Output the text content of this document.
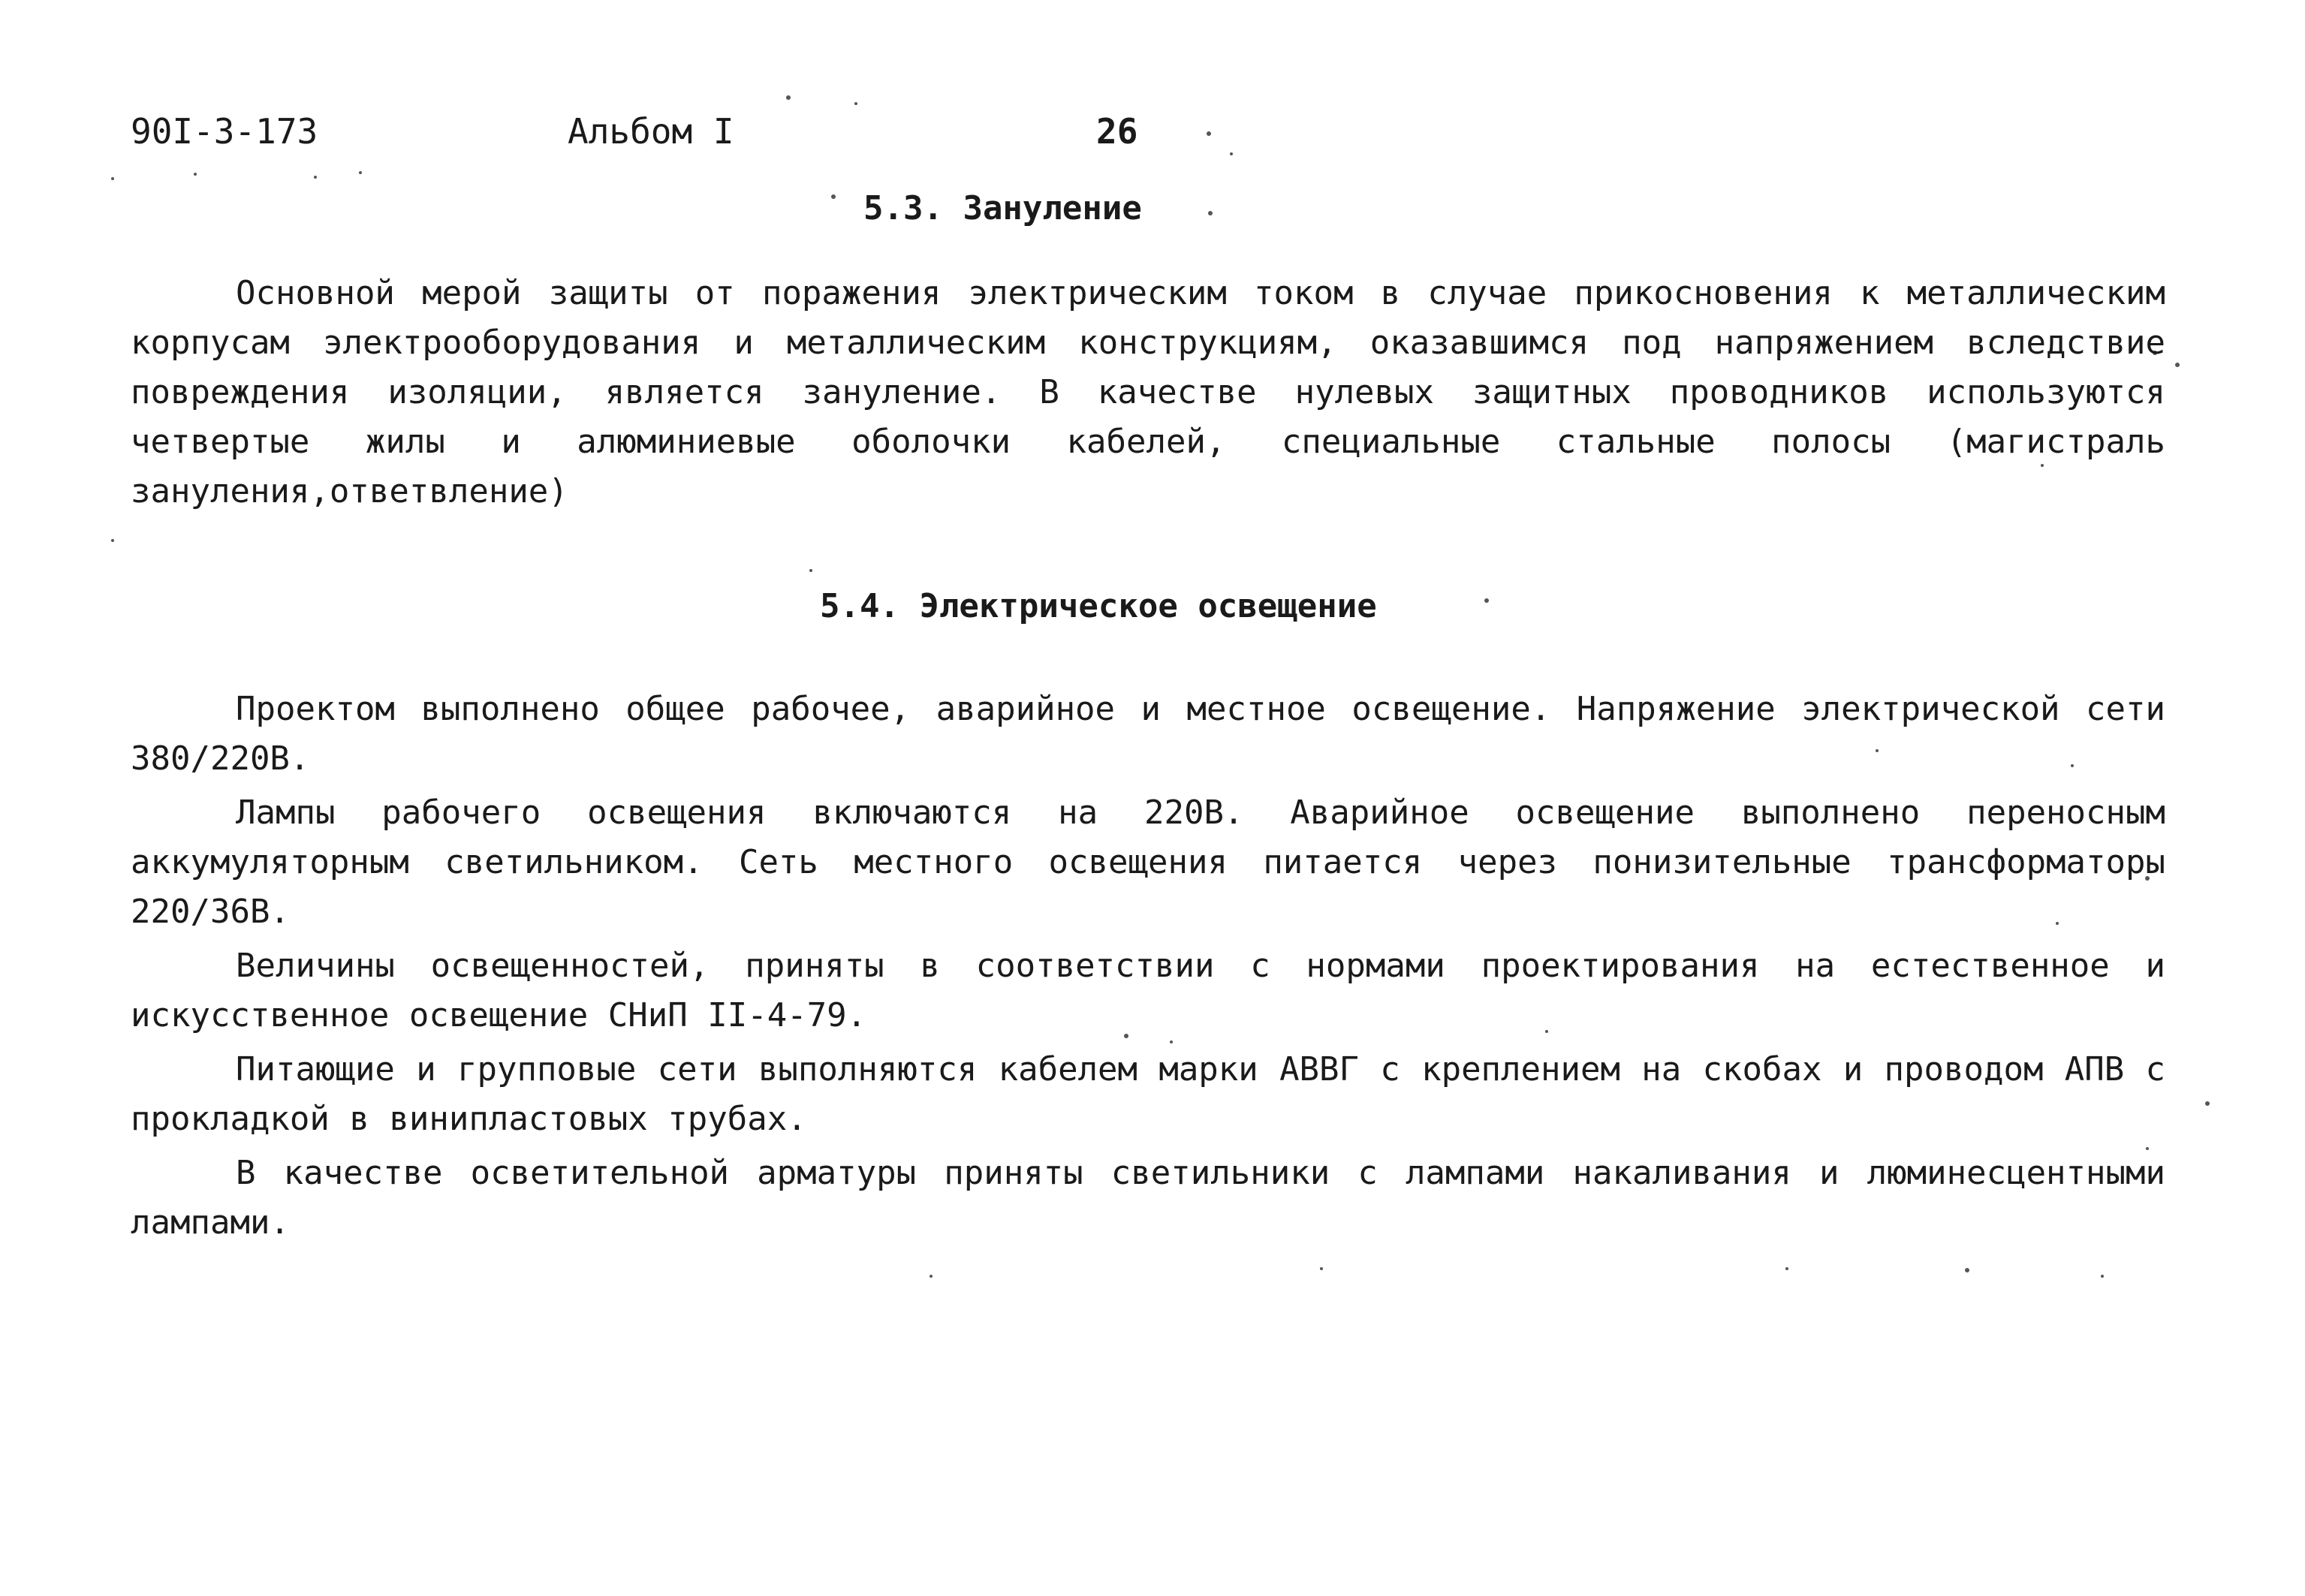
90I-3-173	Альбом I	26
5.3. Зануление

Основной мерой защиты от поражения электрическим током в случае прикосновения к металлическим корпусам электрооборудования и металлическим конструкциям, оказавшимся под напряжением вследствие повреждения изоляции, является зануление. В качестве нулевых защитных проводников используются четвертые жилы и алюминиевые оболочки кабелей, специальные стальные полосы (магистраль зануления,ответвление)

5.4. Электрическое освещение

Проектом выполнено общее рабочее, аварийное и местное освещение. Напряжение электрической сети 380/220В.

Лампы рабочего освещения включаются на 220В. Аварийное освещение выполнено переносным аккумуляторным светильником. Сеть местного освещения питается через понизительные трансформаторы 220/36В.

Величины освещенностей, приняты в соответствии с нормами проектирования на естественное и искусственное освещение СНиП II-4-79.

Питающие и групповые сети выполняются кабелем марки АВВГ с креплением на скобах и проводом АПВ с прокладкой в винипластовых трубах.

В качестве осветительной арматуры приняты светильники с лампами накаливания и люминесцентными лампами.
